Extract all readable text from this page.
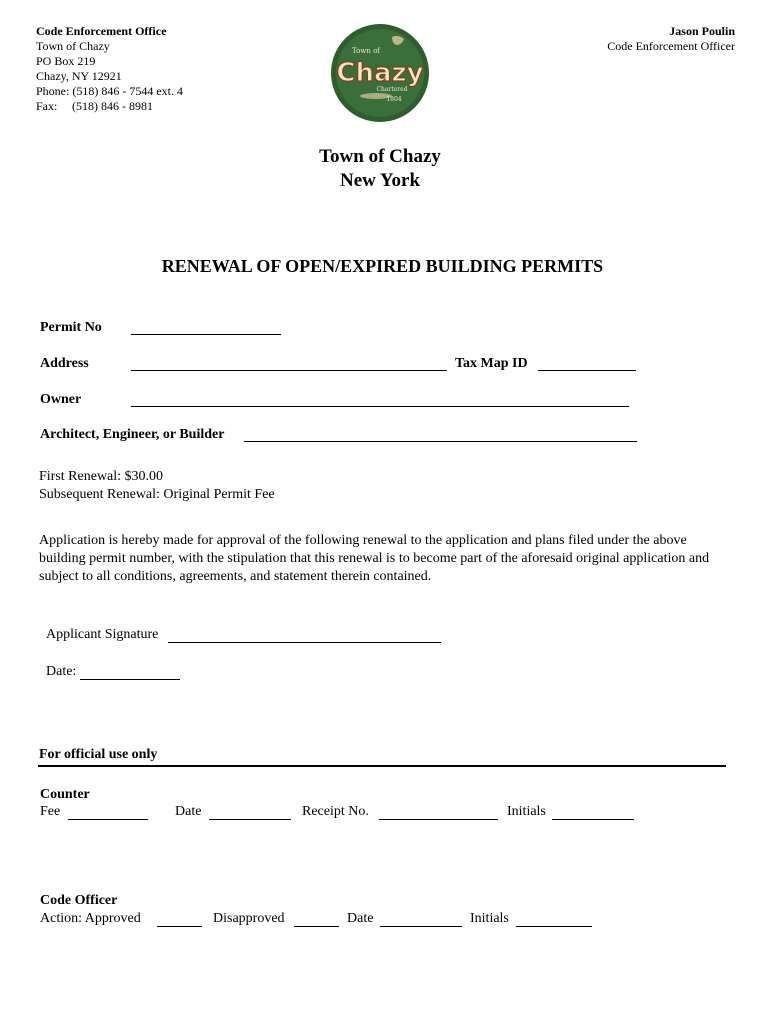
Code Enforcement Office
Town of Chazy
PO Box 219
Chazy, NY 12921
Phone: (518) 846 - 7544 ext. 4
Fax: (518) 846 - 8981
Jason Poulin
Code Enforcement Officer
Town of
Chazy
Chartered
1804
Town of Chazy
New York
RENEWAL OF OPEN/EXPIRED BUILDING PERMITS
Permit No
Address	Tax Map ID
Owner
Architect, Engineer, or Builder
First Renewal: $30.00
Subsequent Renewal: Original Permit Fee
Application is hereby made for approval of the following renewal to the application and plans filed under the above building permit number, with the stipulation that this renewal is to become part of the aforesaid original application and subject to all conditions, agreements, and statement therein contained.
Applicant Signature
Date:
For official use only
Counter
Fee	Date	Receipt No.	Initials
Code Officer
Action: Approved	Disapproved	Date	Initials
